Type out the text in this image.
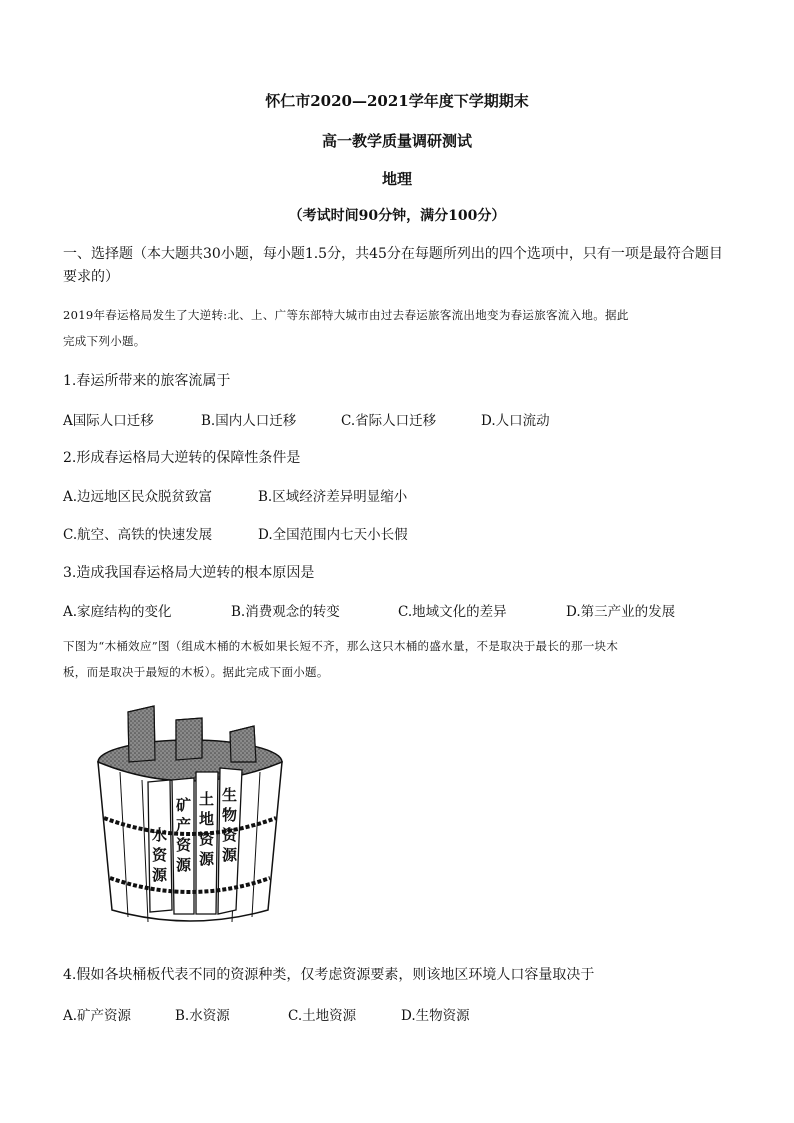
怀仁市2020—2021学年度下学期期末
高一教学质量调研测试
地理
（考试时间90分钟，满分100分）
一、选择题（本大题共30小题，每小题1.5分，共45分在每题所列出的四个选项中，只有一项是最符合题目
要求的）
2019年春运格局发生了大逆转:北、上、广等东部特大城市由过去春运旅客流出地变为春运旅客流入地。据此
完成下列小题。
1.春运所带来的旅客流属于
A国际人口迁移	B.国内人口迁移	C.省际人口迁移	D.人口流动
2.形成春运格局大逆转的保障性条件是
A.边远地区民众脱贫致富	B.区域经济差异明显缩小
C.航空、高铁的快速发展	D.全国范围内七天小长假
3.造成我国春运格局大逆转的根本原因是
A.家庭结构的变化	B.消费观念的转变	C.地域文化的差异	D.第三产业的发展
下图为“木桶效应”图（组成木桶的木板如果长短不齐，那么这只木桶的盛水量，不是取决于最长的那一块木
板，而是取决于最短的木板）。据此完成下面小题。
水资源
矿产资源
土地资源
生物资源
4.假如各块桶板代表不同的资源种类，仅考虑资源要素，则该地区环境人口容量取决于
A.矿产资源	B.水资源	C.土地资源	D.生物资源
